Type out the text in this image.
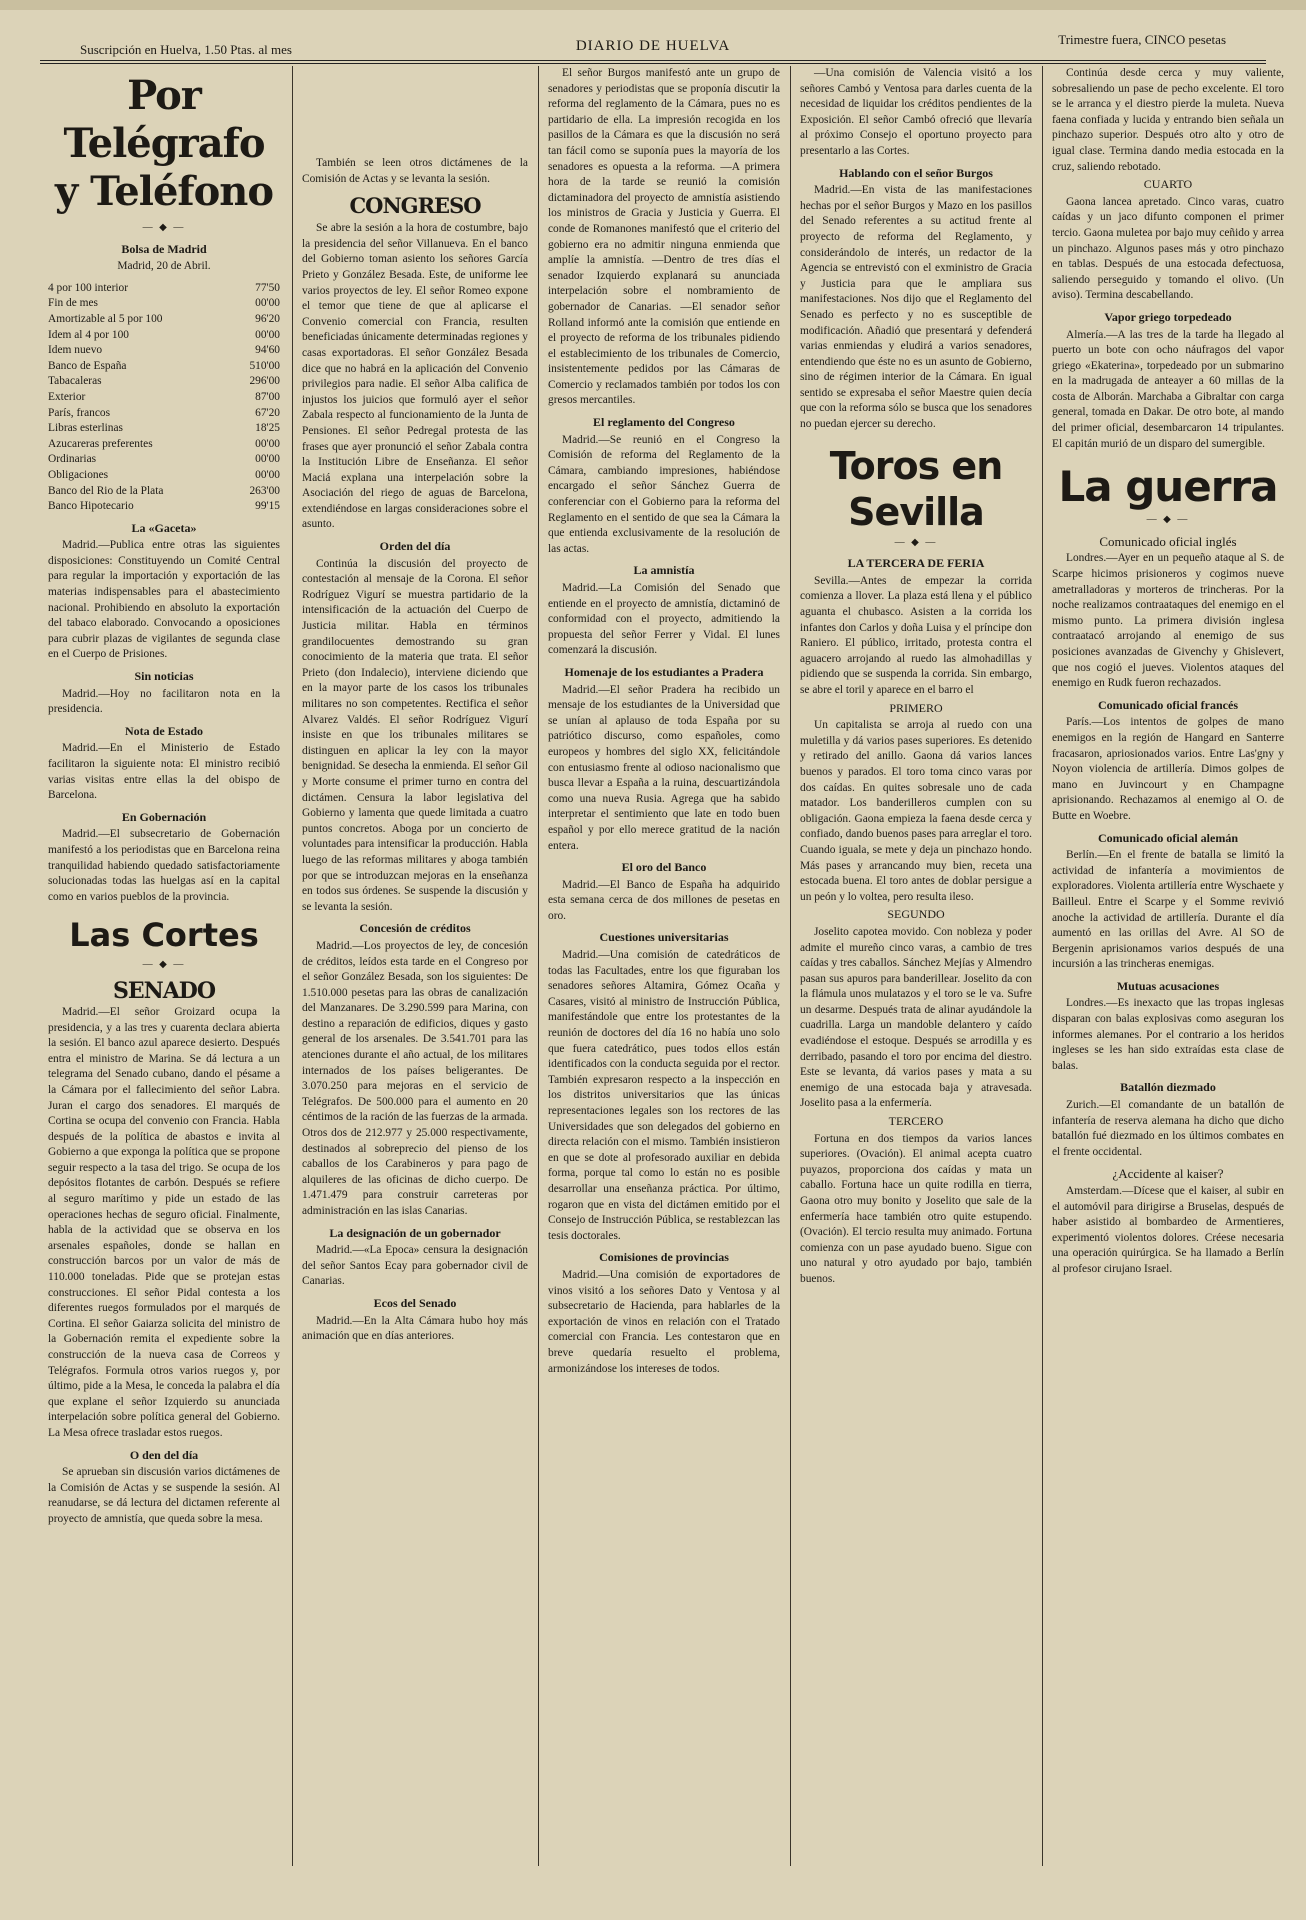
Suscripción en Huelva, 1.50 Ptas. al mes	DIARIO DE HUELVA	Trimestre fuera, CINCO pesetas
Por Telégrafo y Teléfono
— ◆ —
Bolsa de Madrid
Madrid, 20 de Abril.
4 por 100 interior	77'50
Fin de mes	00'00
Amortizable al 5 por 100	96'20
Idem al 4 por 100	00'00
Idem nuevo	94'60
Banco de España	510'00
Tabacaleras	296'00
Exterior	87'00
París, francos	67'20
Libras esterlinas	18'25
Azucareras preferentes	00'00
Ordinarias	00'00
Obligaciones	00'00
Banco del Rio de la Plata	263'00
Banco Hipotecario	99'15
La «Gaceta»

Madrid.—Publica entre otras las siguientes disposiciones: Constituyendo un Comité Central para regular la importación y exportación de las materias indispensables para el abastecimiento nacional. Prohibiendo en absoluto la exportación del tabaco elaborado. Convocando a oposiciones para cubrir plazas de vigilantes de segunda clase en el Cuerpo de Prisiones.

Sin noticias

Madrid.—Hoy no facilitaron nota en la presidencia.

Nota de Estado

Madrid.—En el Ministerio de Estado facilitaron la siguiente nota: El ministro recibió varias visitas entre ellas la del obispo de Barcelona.

En Gobernación

Madrid.—El subsecretario de Gobernación manifestó a los periodistas que en Barcelona reina tranquilidad habiendo quedado satisfactoriamente solucionadas todas las huelgas así en la capital como en varios pueblos de la provincia.

Las Cortes
— ◆ —
SENADO

Madrid.—El señor Groizard ocupa la presidencia, y a las tres y cuarenta declara abierta la sesión. El banco azul aparece desierto. Después entra el ministro de Marina. Se dá lectura a un telegrama del Senado cubano, dando el pésame a la Cámara por el fallecimiento del señor Labra. Juran el cargo dos senadores. El marqués de Cortina se ocupa del convenio con Francia. Habla después de la política de abastos e invita al Gobierno a que exponga la política que se propone seguir respecto a la tasa del trigo. Se ocupa de los depósitos flotantes de carbón. Después se refiere al seguro marítimo y pide un estado de las operaciones hechas de seguro oficial. Finalmente, habla de la actividad que se observa en los arsenales españoles, donde se hallan en construcción barcos por un valor de más de 110.000 toneladas. Pide que se protejan estas construcciones. El señor Pidal contesta a los diferentes ruegos formulados por el marqués de Cortina. El señor Gaiarza solicita del ministro de la Gobernación remita el expediente sobre la construcción de la nueva casa de Correos y Telégrafos. Formula otros varios ruegos y, por último, pide a la Mesa, le conceda la palabra el día que explane el señor Izquierdo su anunciada interpelación sobre política general del Gobierno. La Mesa ofrece trasladar estos ruegos.

O den del día

Se aprueban sin discusión varios dictámenes de la Comisión de Actas y se suspende la sesión. Al reanudarse, se dá lectura del dictamen referente al proyecto de amnistía, que queda sobre la mesa.

También se leen otros dictámenes de la Comisión de Actas y se levanta la sesión.

CONGRESO

Se abre la sesión a la hora de costumbre, bajo la presidencia del señor Villanueva. En el banco del Gobierno toman asiento los señores García Prieto y González Besada. Este, de uniforme lee varios proyectos de ley. El señor Romeo expone el temor que tiene de que al aplicarse el Convenio comercial con Francia, resulten beneficiadas únicamente determinadas regiones y casas exportadoras. El señor González Besada dice que no habrá en la aplicación del Convenio privilegios para nadie. El señor Alba califica de injustos los juicios que formuló ayer el señor Zabala respecto al funcionamiento de la Junta de Pensiones. El señor Pedregal protesta de las frases que ayer pronunció el señor Zabala contra la Institución Libre de Enseñanza. El señor Maciá explana una interpelación sobre la Asociación del riego de aguas de Barcelona, extendiéndose en largas consideraciones sobre el asunto.

Orden del día

Continúa la discusión del proyecto de contestación al mensaje de la Corona. El señor Rodríguez Vigurí se muestra partidario de la intensificación de la actuación del Cuerpo de Justicia militar. Habla en términos grandilocuentes demostrando su gran conocimiento de la materia que trata. El señor Prieto (don Indalecio), interviene diciendo que en la mayor parte de los casos los tribunales militares no son competentes. Rectifica el señor Alvarez Valdés. El señor Rodríguez Vigurí insiste en que los tribunales militares se distinguen en aplicar la ley con la mayor benignidad. Se desecha la enmienda. El señor Gil y Morte consume el primer turno en contra del dictámen. Censura la labor legislativa del Gobierno y lamenta que quede limitada a cuatro puntos concretos. Aboga por un concierto de voluntades para intensificar la producción. Habla luego de las reformas militares y aboga también por que se introduzcan mejoras en la enseñanza en todos sus órdenes. Se suspende la discusión y se levanta la sesión.

Concesión de créditos

Madrid.—Los proyectos de ley, de concesión de créditos, leídos esta tarde en el Congreso por el señor González Besada, son los siguientes: De 1.510.000 pesetas para las obras de canalización del Manzanares. De 3.290.599 para Marina, con destino a reparación de edificios, diques y gasto general de los arsenales. De 3.541.701 para las atenciones durante el año actual, de los militares internados de los países beligerantes. De 3.070.250 para mejoras en el servicio de Telégrafos. De 500.000 para el aumento en 20 céntimos de la ración de las fuerzas de la armada. Otros dos de 212.977 y 25.000 respectivamente, destinados al sobreprecio del pienso de los caballos de los Carabineros y para pago de alquileres de las oficinas de dicho cuerpo. De 1.471.479 para construir carreteras por administración en las islas Canarias.

La designación de un gobernador

Madrid.—«La Epoca» censura la designación del señor Santos Ecay para gobernador civil de Canarias.

Ecos del Senado

Madrid.—En la Alta Cámara hubo hoy más animación que en días anteriores.

El señor Burgos manifestó ante un grupo de senadores y periodistas que se proponía discutir la reforma del reglamento de la Cámara, pues no es partidario de ella. La impresión recogida en los pasillos de la Cámara es que la discusión no será tan fácil como se suponía pues la mayoría de los senadores es opuesta a la reforma. —A primera hora de la tarde se reunió la comisión dictaminadora del proyecto de amnistía asistiendo los ministros de Gracia y Justicia y Guerra. El conde de Romanones manifestó que el criterio del gobierno era no admitir ninguna enmienda que amplíe la amnistía. —Dentro de tres días el senador Izquierdo explanará su anunciada interpelación sobre el nombramiento de gobernador de Canarias. —El senador señor Rolland informó ante la comisión que entiende en el proyecto de reforma de los tribunales pidiendo el establecimiento de los tribunales de Comercio, insistentemente pedidos por las Cámaras de Comercio y reclamados también por todos los con gresos mercantiles.

El reglamento del Congreso

Madrid.—Se reunió en el Congreso la Comisión de reforma del Reglamento de la Cámara, cambiando impresiones, habiéndose encargado el señor Sánchez Guerra de conferenciar con el Gobierno para la reforma del Reglamento en el sentido de que sea la Cámara la que entienda exclusivamente de la resolución de las actas.

La amnistía

Madrid.—La Comisión del Senado que entiende en el proyecto de amnistía, dictaminó de conformidad con el proyecto, admitiendo la propuesta del señor Ferrer y Vidal. El lunes comenzará la discusión.

Homenaje de los estudiantes a Pradera

Madrid.—El señor Pradera ha recibido un mensaje de los estudiantes de la Universidad que se unían al aplauso de toda España por su patriótico discurso, como españoles, como europeos y hombres del siglo XX, felicitándole con entusiasmo frente al odioso nacionalismo que busca llevar a España a la ruina, descuartizándola como una nueva Rusia. Agrega que ha sabido interpretar el sentimiento que late en todo buen español y por ello merece gratitud de la nación entera.

El oro del Banco

Madrid.—El Banco de España ha adquirido esta semana cerca de dos millones de pesetas en oro.

Cuestiones universitarias

Madrid.—Una comisión de catedráticos de todas las Facultades, entre los que figuraban los senadores señores Altamira, Gómez Ocaña y Casares, visitó al ministro de Instrucción Pública, manifestándole que entre los protestantes de la reunión de doctores del día 16 no había uno solo que fuera catedrático, pues todos ellos están identificados con la conducta seguida por el rector. También expresaron respecto a la inspección en los distritos universitarios que las únicas representaciones legales son los rectores de las Universidades que son delegados del gobierno en directa relación con el mismo. También insistieron en que se dote al profesorado auxiliar en debida forma, porque tal como lo están no es posible desarrollar una enseñanza práctica. Por último, rogaron que en vista del dictámen emitido por el Consejo de Instrucción Pública, se restablezcan las tesis doctorales.

Comisiones de provincias

Madrid.—Una comisión de exportadores de vinos visitó a los señores Dato y Ventosa y al subsecretario de Hacienda, para hablarles de la exportación de vinos en relación con el Tratado comercial con Francia. Les contestaron que en breve quedaría resuelto el problema, armonizándose los intereses de todos.

—Una comisión de Valencia visitó a los señores Cambó y Ventosa para darles cuenta de la necesidad de liquidar los créditos pendientes de la Exposición. El señor Cambó ofreció que llevaría al próximo Consejo el oportuno proyecto para presentarlo a las Cortes.

Hablando con el señor Burgos

Madrid.—En vista de las manifestaciones hechas por el señor Burgos y Mazo en los pasillos del Senado referentes a su actitud frente al proyecto de reforma del Reglamento, y considerándolo de interés, un redactor de la Agencia se entrevistó con el exministro de Gracia y Justicia para que le ampliara sus manifestaciones. Nos dijo que el Reglamento del Senado es perfecto y no es susceptible de modificación. Añadió que presentará y defenderá varias enmiendas y eludirá a varios senadores, entendiendo que éste no es un asunto de Gobierno, sino de régimen interior de la Cámara. En igual sentido se expresaba el señor Maestre quien decía que con la reforma sólo se busca que los senadores no puedan ejercer su derecho.

Toros en Sevilla
— ◆ —
LA TERCERA DE FERIA

Sevilla.—Antes de empezar la corrida comienza a llover. La plaza está llena y el público aguanta el chubasco. Asisten a la corrida los infantes don Carlos y doña Luisa y el príncipe don Raniero. El público, irritado, protesta contra el aguacero arrojando al ruedo las almohadillas y pidiendo que se suspenda la corrida. Sin embargo, se abre el toril y aparece en el barro el

PRIMERO

Un capitalista se arroja al ruedo con una muletilla y dá varios pases superiores. Es detenido y retirado del anillo. Gaona dá varios lances buenos y parados. El toro toma cinco varas por dos caídas. En quites sobresale uno de cada matador. Los banderilleros cumplen con su obligación. Gaona empieza la faena desde cerca y confiado, dando buenos pases para arreglar el toro. Cuando iguala, se mete y deja un pinchazo hondo. Más pases y arrancando muy bien, receta una estocada buena. El toro antes de doblar persigue a un peón y lo voltea, pero resulta ileso.

SEGUNDO

Joselito capotea movido. Con nobleza y poder admite el mureño cinco varas, a cambio de tres caídas y tres caballos. Sánchez Mejías y Almendro pasan sus apuros para banderillear. Joselito da con la flámula unos mulatazos y el toro se le va. Sufre un desarme. Después trata de alinar ayudándole la cuadrilla. Larga un mandoble delantero y caído evadiéndose el estoque. Después se arrodilla y es derribado, pasando el toro por encima del diestro. Este se levanta, dá varios pases y mata a su enemigo de una estocada baja y atravesada. Joselito pasa a la enfermería.

TERCERO

Fortuna en dos tiempos da varios lances superiores. (Ovación). El animal acepta cuatro puyazos, proporciona dos caídas y mata un caballo. Fortuna hace un quite rodilla en tierra, Gaona otro muy bonito y Joselito que sale de la enfermería hace también otro quite estupendo. (Ovación). El tercio resulta muy animado. Fortuna comienza con un pase ayudado bueno. Sigue con uno natural y otro ayudado por bajo, también buenos.

Continúa desde cerca y muy valiente, sobresaliendo un pase de pecho excelente. El toro se le arranca y el diestro pierde la muleta. Nueva faena confiada y lucida y entrando bien señala un pinchazo superior. Después otro alto y otro de igual clase. Termina dando media estocada en la cruz, saliendo rebotado.

CUARTO

Gaona lancea apretado. Cinco varas, cuatro caídas y un jaco difunto componen el primer tercio. Gaona muletea por bajo muy ceñido y arrea un pinchazo. Algunos pases más y otro pinchazo en tablas. Después de una estocada defectuosa, saliendo perseguido y tomando el olivo. (Un aviso). Termina descabellando.

Vapor griego torpedeado

Almería.—A las tres de la tarde ha llegado al puerto un bote con ocho náufragos del vapor griego «Ekaterina», torpedeado por un submarino en la madrugada de anteayer a 60 millas de la costa de Alborán. Marchaba a Gibraltar con carga general, tomada en Dakar. De otro bote, al mando del primer oficial, desembarcaron 14 tripulantes. El capitán murió de un disparo del sumergible.

La guerra
— ◆ —
Comunicado oficial inglés

Londres.—Ayer en un pequeño ataque al S. de Scarpe hicimos prisioneros y cogimos nueve ametralladoras y morteros de trincheras. Por la noche realizamos contraataques del enemigo en el mismo punto. La primera división inglesa contraatacó arrojando al enemigo de sus posiciones avanzadas de Givenchy y Ghislevert, que nos cogió el jueves. Violentos ataques del enemigo en Rudk fueron rechazados.

Comunicado oficial francés

París.—Los intentos de golpes de mano enemigos en la región de Hangard en Santerre fracasaron, apriosionados varios. Entre Las'gny y Noyon violencia de artillería. Dimos golpes de mano en Juvincourt y en Champagne aprisionando. Rechazamos al enemigo al O. de Butte en Woebre.

Comunicado oficial alemán

Berlín.—En el frente de batalla se limitó la actividad de infantería a movimientos de exploradores. Violenta artillería entre Wyschaete y Bailleul. Entre el Scarpe y el Somme revivió anoche la actividad de artillería. Durante el día aumentó en las orillas del Avre. Al SO de Bergenin aprisionamos varios después de una incursión a las trincheras enemigas.

Mutuas acusaciones

Londres.—Es inexacto que las tropas inglesas disparan con balas explosivas como aseguran los informes alemanes. Por el contrario a los heridos ingleses se les han sido extraídas esta clase de balas.

Batallón diezmado

Zurich.—El comandante de un batallón de infantería de reserva alemana ha dicho que dicho batallón fué diezmado en los últimos combates en el frente occidental.

¿Accidente al kaiser?

Amsterdam.—Dícese que el kaiser, al subir en el automóvil para dirigirse a Bruselas, después de haber asistido al bombardeo de Armentieres, experimentó violentos dolores. Créese necesaria una operación quirúrgica. Se ha llamado a Berlín al profesor cirujano Israel.
